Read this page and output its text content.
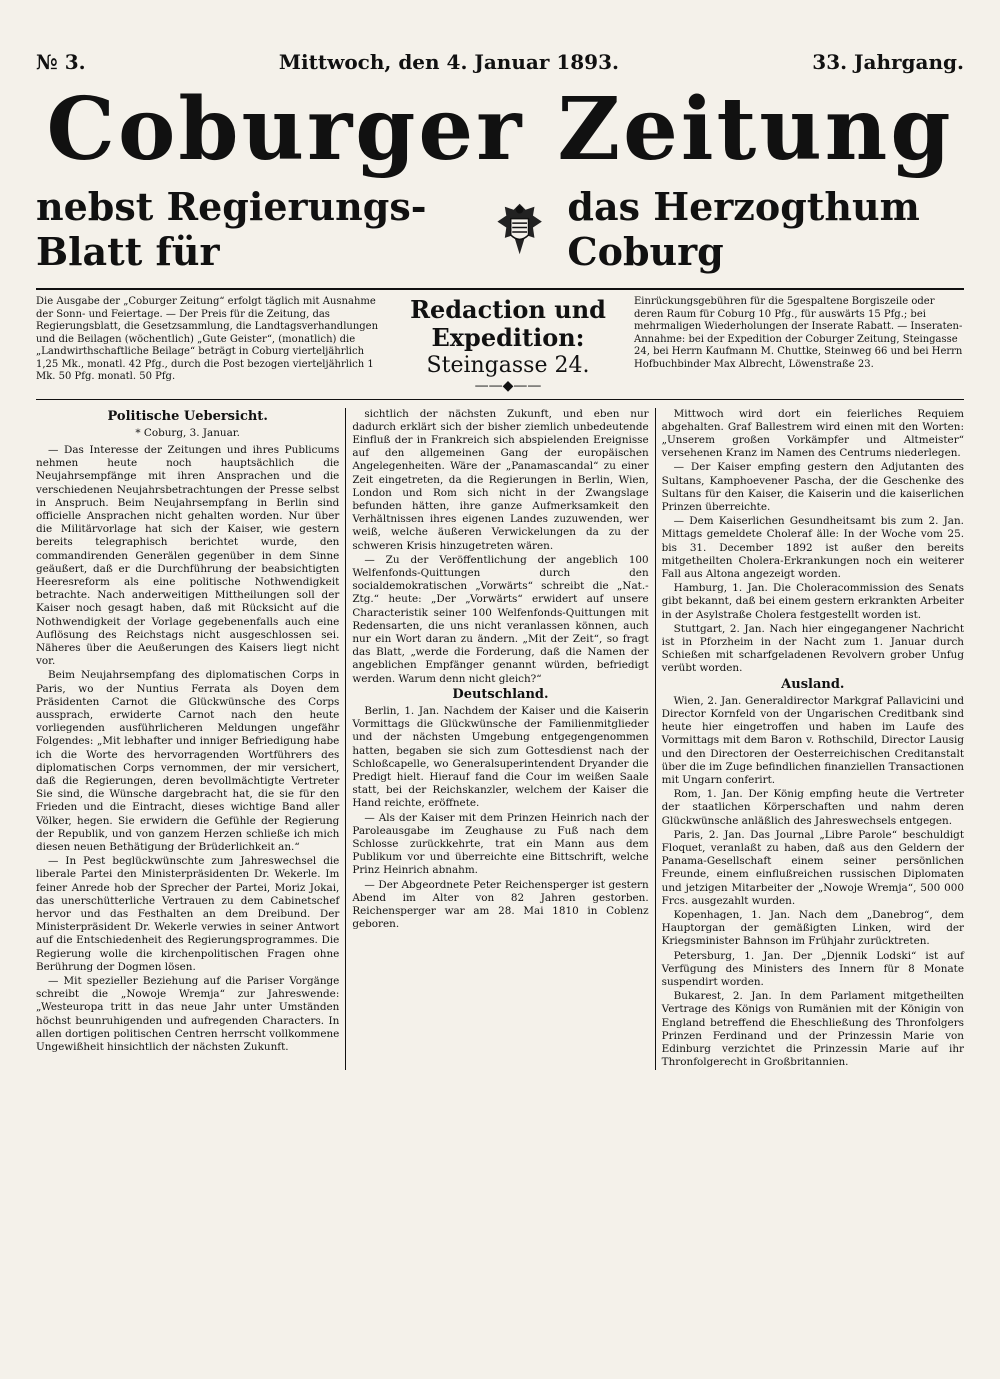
№ 3.	Mittwoch, den 4. Januar 1893.	33. Jahrgang.
Coburger Zeitung
nebst Regierungs-Blatt für
das Herzogthum Coburg
Die Ausgabe der „Coburger Zeitung“ erfolgt täglich mit Ausnahme der Sonn- und Feiertage. — Der Preis für die Zeitung, das Regierungsblatt, die Gesetzsammlung, die Landtagsverhandlungen und die Beilagen (wöchentlich) „Gute Geister“, (monatlich) die „Landwirthschaftliche Beilage“ beträgt in Coburg vierteljährlich 1,25 Mk., monatl. 42 Pfg., durch die Post bezogen vierteljährlich 1 Mk. 50 Pfg. monatl. 50 Pfg.
Redaction und Expedition:
Steingasse 24.
——◆——
Einrückungsgebühren für die 5gespaltene Borgiszeile oder deren Raum für Coburg 10 Pfg., für auswärts 15 Pfg.; bei mehrmaligen Wiederholungen der Inserate Rabatt. — Inseraten-Annahme: bei der Expedition der Coburger Zeitung, Steingasse 24, bei Herrn Kaufmann M. Chuttke, Steinweg 66 und bei Herrn Hofbuchbinder Max Albrecht, Löwenstraße 23.
Politische Uebersicht.
* Coburg, 3. Januar.

— Das Interesse der Zeitungen und ihres Publicums nehmen heute noch hauptsächlich die Neujahrsempfänge mit ihren Ansprachen und die verschiedenen Neujahrsbetrachtungen der Presse selbst in Anspruch. Beim Neujahrsempfang in Berlin sind officielle Ansprachen nicht gehalten worden. Nur über die Militärvorlage hat sich der Kaiser, wie gestern bereits telegraphisch berichtet wurde, den commandirenden Generälen gegenüber in dem Sinne geäußert, daß er die Durchführung der beabsichtigten Heeresreform als eine politische Nothwendigkeit betrachte. Nach anderweitigen Mittheilungen soll der Kaiser noch gesagt haben, daß mit Rücksicht auf die Nothwendigkeit der Vorlage gegebenenfalls auch eine Auflösung des Reichstags nicht ausgeschlossen sei. Näheres über die Aeußerungen des Kaisers liegt nicht vor.

Beim Neujahrsempfang des diplomatischen Corps in Paris, wo der Nuntius Ferrata als Doyen dem Präsidenten Carnot die Glückwünsche des Corps aussprach, erwiderte Carnot nach den heute vorliegenden ausführlicheren Meldungen ungefähr Folgendes: „Mit lebhafter und inniger Befriedigung habe ich die Worte des hervorragenden Wortführers des diplomatischen Corps vernommen, der mir versichert, daß die Regierungen, deren bevollmächtigte Vertreter Sie sind, die Wünsche dargebracht hat, die sie für den Frieden und die Eintracht, dieses wichtige Band aller Völker, hegen. Sie erwidern die Gefühle der Regierung der Republik, und von ganzem Herzen schließe ich mich diesen neuen Bethätigung der Brüderlichkeit an.“

— In Pest beglückwünschte zum Jahreswechsel die liberale Partei den Ministerpräsidenten Dr. Wekerle. Im feiner Anrede hob der Sprecher der Partei, Moriz Jokai, das unerschütterliche Vertrauen zu dem Cabinetschef hervor und das Festhalten an dem Dreibund. Der Ministerpräsident Dr. Wekerle verwies in seiner Antwort auf die Entschiedenheit des Regierungsprogrammes. Die Regierung wolle die kirchenpolitischen Fragen ohne Berührung der Dogmen lösen.

— Mit spezieller Beziehung auf die Pariser Vorgänge schreibt die „Nowoje Wremja“ zur Jahreswende: „Westeuropa tritt in das neue Jahr unter Umständen höchst beunruhigenden und aufregenden Characters. In allen dortigen politischen Centren herrscht vollkommene Ungewißheit hinsichtlich der nächsten Zukunft.

sichtlich der nächsten Zukunft, und eben nur dadurch erklärt sich der bisher ziemlich unbedeutende Einfluß der in Frankreich sich abspielenden Ereignisse auf den allgemeinen Gang der europäischen Angelegenheiten. Wäre der „Panamascandal“ zu einer Zeit eingetreten, da die Regierungen in Berlin, Wien, London und Rom sich nicht in der Zwangslage befunden hätten, ihre ganze Aufmerksamkeit den Verhältnissen ihres eigenen Landes zuzuwenden, wer weiß, welche äußeren Verwickelungen da zu der schweren Krisis hinzugetreten wären.

— Zu der Veröffentlichung der angeblich 100 Welfenfonds-Quittungen durch den socialdemokratischen „Vorwärts“ schreibt die „Nat.-Ztg.“ heute: „Der „Vorwärts“ erwidert auf unsere Characteristik seiner 100 Welfenfonds-Quittungen mit Redensarten, die uns nicht veranlassen können, auch nur ein Wort daran zu ändern. „Mit der Zeit“, so fragt das Blatt, „werde die Forderung, daß die Namen der angeblichen Empfänger genannt würden, befriedigt werden. Warum denn nicht gleich?“

Deutschland.

Berlin, 1. Jan. Nachdem der Kaiser und die Kaiserin Vormittags die Glückwünsche der Familienmitglieder und der nächsten Umgebung entgegengenommen hatten, begaben sie sich zum Gottesdienst nach der Schloßcapelle, wo Generalsuperintendent Dryander die Predigt hielt. Hierauf fand die Cour im weißen Saale statt, bei der Reichskanzler, welchem der Kaiser die Hand reichte, eröffnete.

— Als der Kaiser mit dem Prinzen Heinrich nach der Paroleausgabe im Zeughause zu Fuß nach dem Schlosse zurückkehrte, trat ein Mann aus dem Publikum vor und überreichte eine Bittschrift, welche Prinz Heinrich abnahm.

— Der Abgeordnete Peter Reichensperger ist gestern Abend im Alter von 82 Jahren gestorben. Reichensperger war am 28. Mai 1810 in Coblenz geboren.

Mittwoch wird dort ein feierliches Requiem abgehalten. Graf Ballestrem wird einen mit den Worten: „Unserem großen Vorkämpfer und Altmeister“ versehenen Kranz im Namen des Centrums niederlegen.

— Der Kaiser empfing gestern den Adjutanten des Sultans, Kamphoevener Pascha, der die Geschenke des Sultans für den Kaiser, die Kaiserin und die kaiserlichen Prinzen überreichte.

— Dem Kaiserlichen Gesundheitsamt bis zum 2. Jan. Mittags gemeldete Choleraf älle: In der Woche vom 25. bis 31. December 1892 ist außer den bereits mitgetheilten Cholera-Erkrankungen noch ein weiterer Fall aus Altona angezeigt worden.

Hamburg, 1. Jan. Die Choleracommission des Senats gibt bekannt, daß bei einem gestern erkrankten Arbeiter in der Asylstraße Cholera festgestellt worden ist.

Stuttgart, 2. Jan. Nach hier eingegangener Nachricht ist in Pforzheim in der Nacht zum 1. Januar durch Schießen mit scharfgeladenen Revolvern grober Unfug verübt worden.

Ausland.

Wien, 2. Jan. Generaldirector Markgraf Pallavicini und Director Kornfeld von der Ungarischen Creditbank sind heute hier eingetroffen und haben im Laufe des Vormittags mit dem Baron v. Rothschild, Director Lausig und den Directoren der Oesterreichischen Creditanstalt über die im Zuge befindlichen finanziellen Transactionen mit Ungarn conferirt.

Rom, 1. Jan. Der König empfing heute die Vertreter der staatlichen Körperschaften und nahm deren Glückwünsche anläßlich des Jahreswechsels entgegen.

Paris, 2. Jan. Das Journal „Libre Parole“ beschuldigt Floquet, veranlaßt zu haben, daß aus den Geldern der Panama-Gesellschaft einem seiner persönlichen Freunde, einem einflußreichen russischen Diplomaten und jetzigen Mitarbeiter der „Nowoje Wremja“, 500 000 Frcs. ausgezahlt wurden.

Kopenhagen, 1. Jan. Nach dem „Danebrog“, dem Hauptorgan der gemäßigten Linken, wird der Kriegsminister Bahnson im Frühjahr zurücktreten.

Petersburg, 1. Jan. Der „Djennik Lodski“ ist auf Verfügung des Ministers des Innern für 8 Monate suspendirt worden.

Bukarest, 2. Jan. In dem Parlament mitgetheilten Vertrage des Königs von Rumänien mit der Königin von England betreffend die Eheschließung des Thronfolgers Prinzen Ferdinand und der Prinzessin Marie von Edinburg verzichtet die Prinzessin Marie auf ihr Thronfolgerecht in Großbritannien.
